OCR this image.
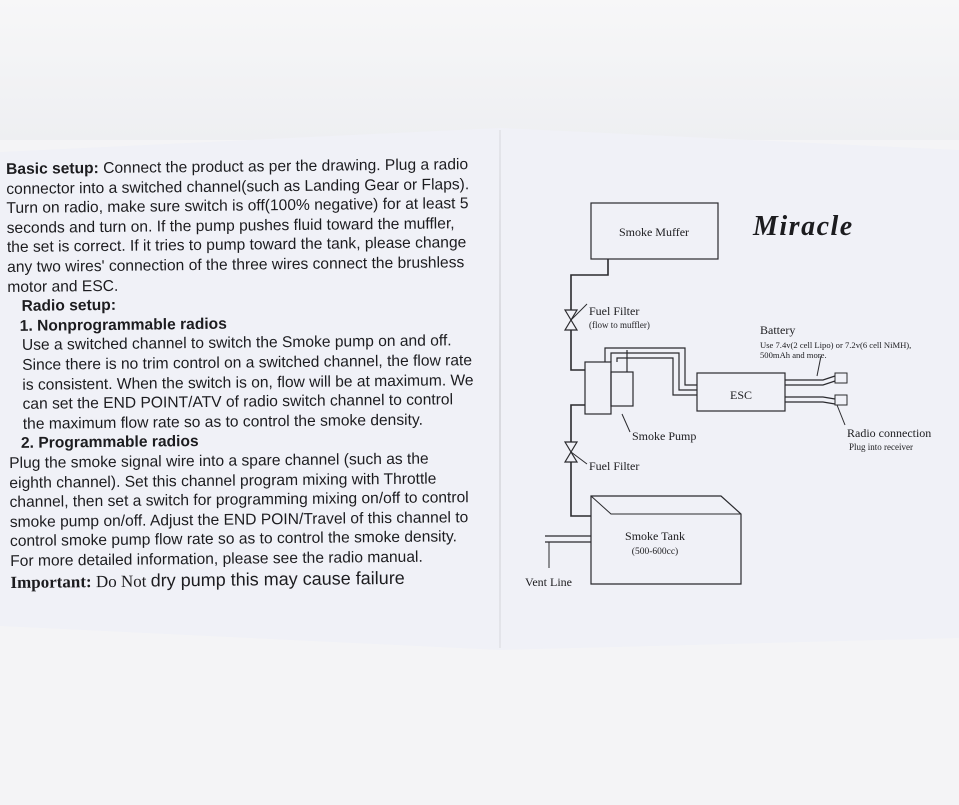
Basic setup: Connect the product as per the drawing. Plug a radio connector into a switched channel(such as Landing Gear or Flaps). Turn on radio, make sure switch is off(100% negative) for at least 5 seconds and turn on. If the pump pushes fluid toward the muffler, the set is correct. If it tries to pump toward the tank, please change any two wires' connection of the three wires connect the brushless motor and ESC.

Radio setup:

1. Nonprogrammable radios

Use a switched channel to switch the Smoke pump on and off. Since there is no trim control on a switched channel, the flow rate is consistent. When the switch is on, flow will be at maximum. We can set the END POINT/ATV of radio switch channel to control the maximum flow rate so as to control the smoke density.

2. Programmable radios

Plug the smoke signal wire into a spare channel (such as the eighth channel). Set this channel program mixing with Throttle channel, then set a switch for programming mixing on/off to control smoke pump on/off. Adjust the END POIN/Travel of this channel to control smoke pump flow rate so as to control the smoke density. For more detailed information, please see the radio manual.

Important: Do Not dry pump this may cause failure

Miracle
Smoke Muffer
Smoke Pump
ESC
Battery
Use 7.4v(2 cell Lipo) or 7.2v(6 cell NiMH),
500mAh and more.
Radio connection
Plug into receiver
Fuel Filter
(flow to muffler)
Fuel Filter
Smoke Tank
(500-600cc)
Vent Line
